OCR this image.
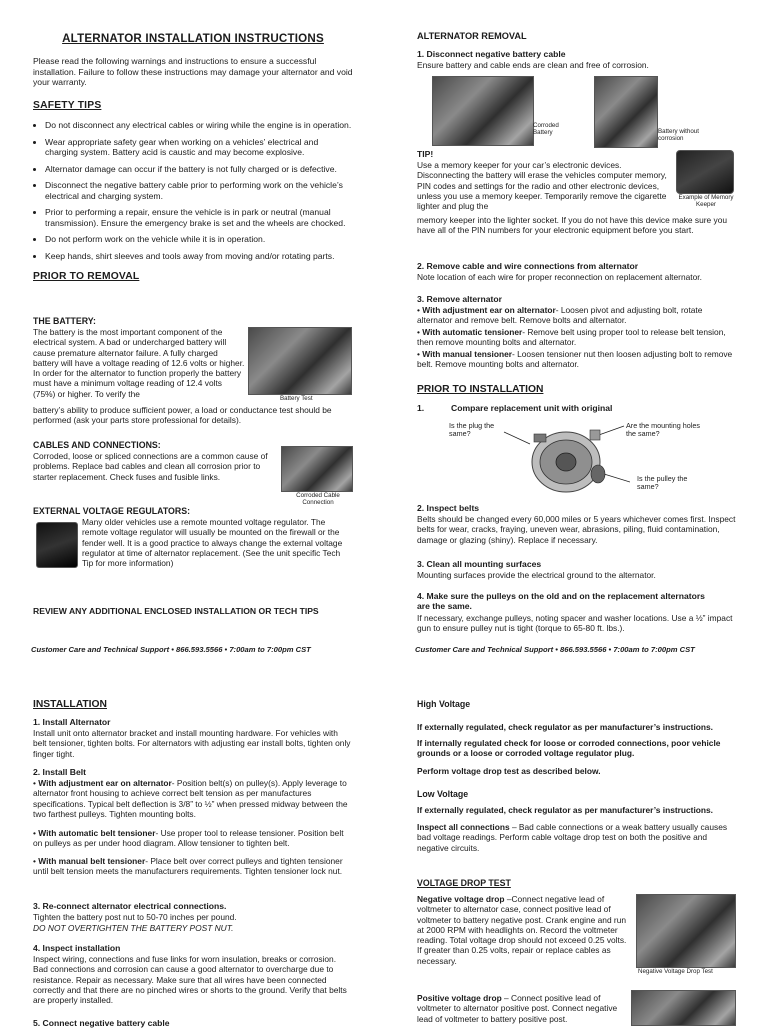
ALTERNATOR INSTALLATION INSTRUCTIONS

Please read the following warnings and instructions to ensure a successful installation. Failure to follow these instructions may damage your alternator and void your warranty.

SAFETY TIPS
• Do not disconnect any electrical cables or wiring while the engine is in operation.
• Wear appropriate safety gear when working on a vehicles’ electrical and charging system. Battery acid is caustic and may become explosive.
• Alternator damage can occur if the battery is not fully charged or is defective.
• Disconnect the negative battery cable prior to performing work on the vehicle’s electrical and charging system.
• Prior to performing a repair, ensure the vehicle is in park or neutral (manual transmission). Ensure the emergency brake is set and the wheels are chocked.
• Do not perform work on the vehicle while it is in operation.
• Keep hands, shirt sleeves and tools away from moving and/or rotating parts.
PRIOR TO REMOVAL
THE BATTERY:
The battery is the most important component of the electrical system. A bad or undercharged battery will cause premature alternator failure. A fully charged battery will have a voltage reading of 12.6 volts or higher. In order for the alternator to function properly the battery must have a minimum voltage reading of 12.4 volts (75%) or higher. To verify the
battery’s ability to produce sufficient power, a load or conductance test should be performed (ask your parts store professional for details).
Battery Test
CABLES AND CONNECTIONS:
Corroded, loose or spliced connections are a common cause of problems. Replace bad cables and clean all corrosion prior to starter replacement. Check fuses and fusible links.
Corroded Cable Connection
EXTERNAL VOLTAGE REGULATORS:
Many older vehicles use a remote mounted voltage regulator. The remote voltage regulator will usually be mounted on the firewall or the fender well. It is a good practice to always change the external voltage regulator at time of alternator replacement. (See the unit specific Tech Tip for more information)
REVIEW ANY ADDITIONAL ENCLOSED INSTALLATION OR TECH TIPS
Customer Care and Technical Support • 866.593.5566 • 7:00am to 7:00pm CST
ALTERNATOR REMOVAL
1. Disconnect negative battery cable
Ensure battery and cable ends are clean and free of corrosion.
Corroded Battery	Battery without corrosion
TIP!
Use a memory keeper for your car’s electronic devices. Disconnecting the battery will erase the vehicles computer memory, PIN codes and settings for the radio and other electronic devices, unless you use a memory keeper. Temporarily remove the cigarette lighter and plug the
memory keeper into the lighter socket. If you do not have this device make sure you have all of the PIN numbers for your electronic equipment before you start.
Example of Memory Keeper
2. Remove cable and wire connections from alternator
Note location of each wire for proper reconnection on replacement alternator.
3. Remove alternator
• With adjustment ear on alternator- Loosen pivot and adjusting bolt, rotate alternator and remove belt. Remove bolts and alternator.
• With automatic tensioner- Remove belt using proper tool to release belt tension, then remove mounting bolts and alternator.
• With manual tensioner- Loosen tensioner nut then loosen adjusting bolt to remove belt. Remove mounting bolts and alternator.
PRIOR TO INSTALLATION
1.	Compare replacement unit with original
Is the plug the same?
Are the mounting holes the same?
Is the pulley the same?
2. Inspect belts
Belts should be changed every 60,000 miles or 5 years whichever comes first. Inspect belts for wear, cracks, fraying, uneven wear, abrasions, piling, fluid contamination, damage or glazing (shiny). Replace if necessary.
3. Clean all mounting surfaces
Mounting surfaces provide the electrical ground to the alternator.
4. Make sure the pulleys on the old and on the replacement alternators are the same.
If necessary, exchange pulleys, noting spacer and washer locations. Use a ½” impact gun to ensure pulley nut is tight (torque to 65-80 ft. lbs.).
Customer Care and Technical Support • 866.593.5566 • 7:00am to 7:00pm CST
INSTALLATION
1. Install Alternator
Install unit onto alternator bracket and install mounting hardware. For vehicles with belt tensioner, tighten bolts. For alternators with adjusting ear install bolts, tighten only finger tight.
2. Install Belt
• With adjustment ear on alternator- Position belt(s) on pulley(s). Apply leverage to alternator front housing to achieve correct belt tension as per manufactures specifications. Typical belt deflection is 3/8” to ½” when pressed midway between the two farthest pulleys. Tighten mounting bolts.
• With automatic belt tensioner- Use proper tool to release tensioner. Position belt on pulleys as per under hood diagram. Allow tensioner to tighten belt.
• With manual belt tensioner- Place belt over correct pulleys and tighten tensioner until belt tension meets the manufacturers requirements. Tighten tensioner lock nut.
3. Re-connect alternator electrical connections.
Tighten the battery post nut to 50-70 inches per pound.
DO NOT OVERTIGHTEN THE BATTERY POST NUT.
4. Inspect installation
Inspect wiring, connections and fuse links for worn insulation, breaks or corrosion. Bad connections and corrosion can cause a good alternator to overcharge due to resistance. Repair as necessary. Make sure that all wires have been connected correctly and that there are no pinched wires or shorts to the ground. Verify that belts are properly installed.
5. Connect negative battery cable
High Voltage
If externally regulated, check regulator as per manufacturer’s instructions.
If internally regulated check for loose or corroded connections, poor vehicle grounds or a loose or corroded voltage regulator plug.
Perform voltage drop test as described below.
Low Voltage
If externally regulated, check regulator as per manufacturer’s instructions.
Inspect all connections – Bad cable connections or a weak battery usually causes bad voltage readings. Perform cable voltage drop test on both the positive and negative circuits.
VOLTAGE DROP TEST
Negative voltage drop –Connect negative lead of voltmeter to alternator case, connect positive lead of voltmeter to battery negative post. Crank engine and run at 2000 RPM with headlights on. Record the voltmeter reading. Total voltage drop should not exceed 0.25 volts. If greater than 0.25 volts, repair or replace cables as necessary.
Negative Voltage Drop Test
Positive voltage drop – Connect positive lead of voltmeter to alternator positive post. Connect negative lead of voltmeter to battery positive post.
